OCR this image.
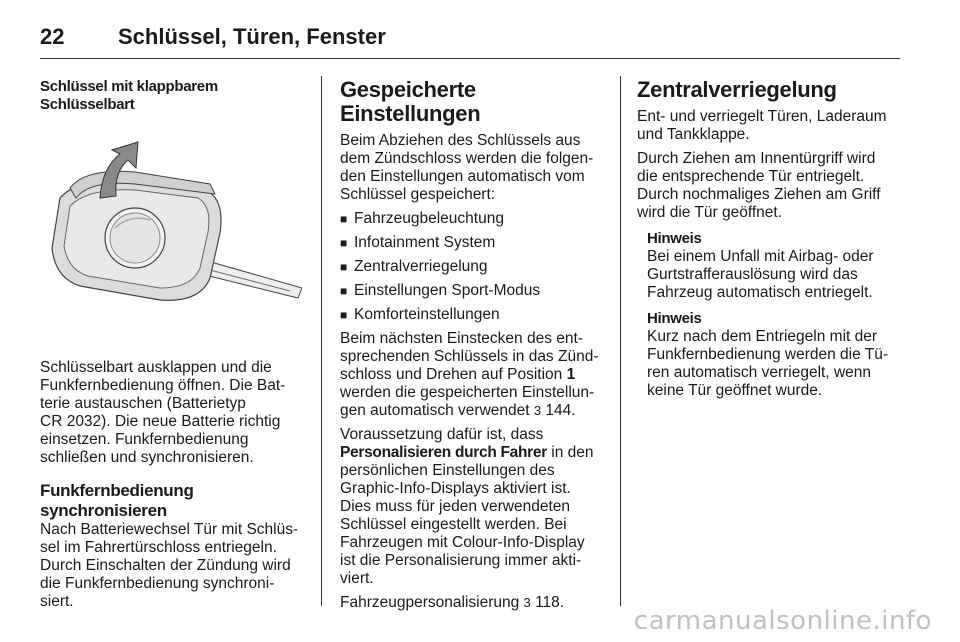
22 Schlüssel, Türen, Fenster

Schlüssel mit klappbarem Schlüsselbart

Schlüsselbart ausklappen und die

Funkfernbedienung öffnen. Die Bat-

terie austauschen (Batterietyp

CR 2032). Die neue Batterie richtig

einsetzen. Funkfernbedienung

schließen und synchronisieren.

Funkfernbedienung
synchronisieren

Nach Batteriewechsel Tür mit Schlüs-

sel im Fahrertürschloss entriegeln.

Durch Einschalten der Zündung wird

die Funkfernbedienung synchroni-

siert.

Gespeicherte
Einstellungen

Beim Abziehen des Schlüssels aus

dem Zündschloss werden die folgen-

den Einstellungen automatisch vom

Schlüssel gespeichert:

■ Fahrzeugbeleuchtung
■ Infotainment System
■ Zentralverriegelung
■ Einstellungen Sport-Modus
■ Komforteinstellungen

Beim nächsten Einstecken des ent-

sprechenden Schlüssels in das Zünd-

schloss und Drehen auf Position 1

werden die gespeicherten Einstellun-

gen automatisch verwendet 3 144.

Voraussetzung dafür ist, dass

Personalisieren durch Fahrer in den

persönlichen Einstellungen des

Graphic-Info-Displays aktiviert ist.

Dies muss für jeden verwendeten

Schlüssel eingestellt werden. Bei

Fahrzeugen mit Colour-Info-Display

ist die Personalisierung immer akti-

viert.

Fahrzeugpersonalisierung 3 118.

Zentralverriegelung

Ent- und verriegelt Türen, Laderaum

und Tankklappe.

Durch Ziehen am Innentürgriff wird

die entsprechende Tür entriegelt.

Durch nochmaliges Ziehen am Griff

wird die Tür geöffnet.

Hinweis

Bei einem Unfall mit Airbag- oder

Gurtstrafferauslösung wird das

Fahrzeug automatisch entriegelt.

Hinweis

Kurz nach dem Entriegeln mit der

Funkfernbedienung werden die Tü-

ren automatisch verriegelt, wenn

keine Tür geöffnet wurde.

carmanualsonline.info
